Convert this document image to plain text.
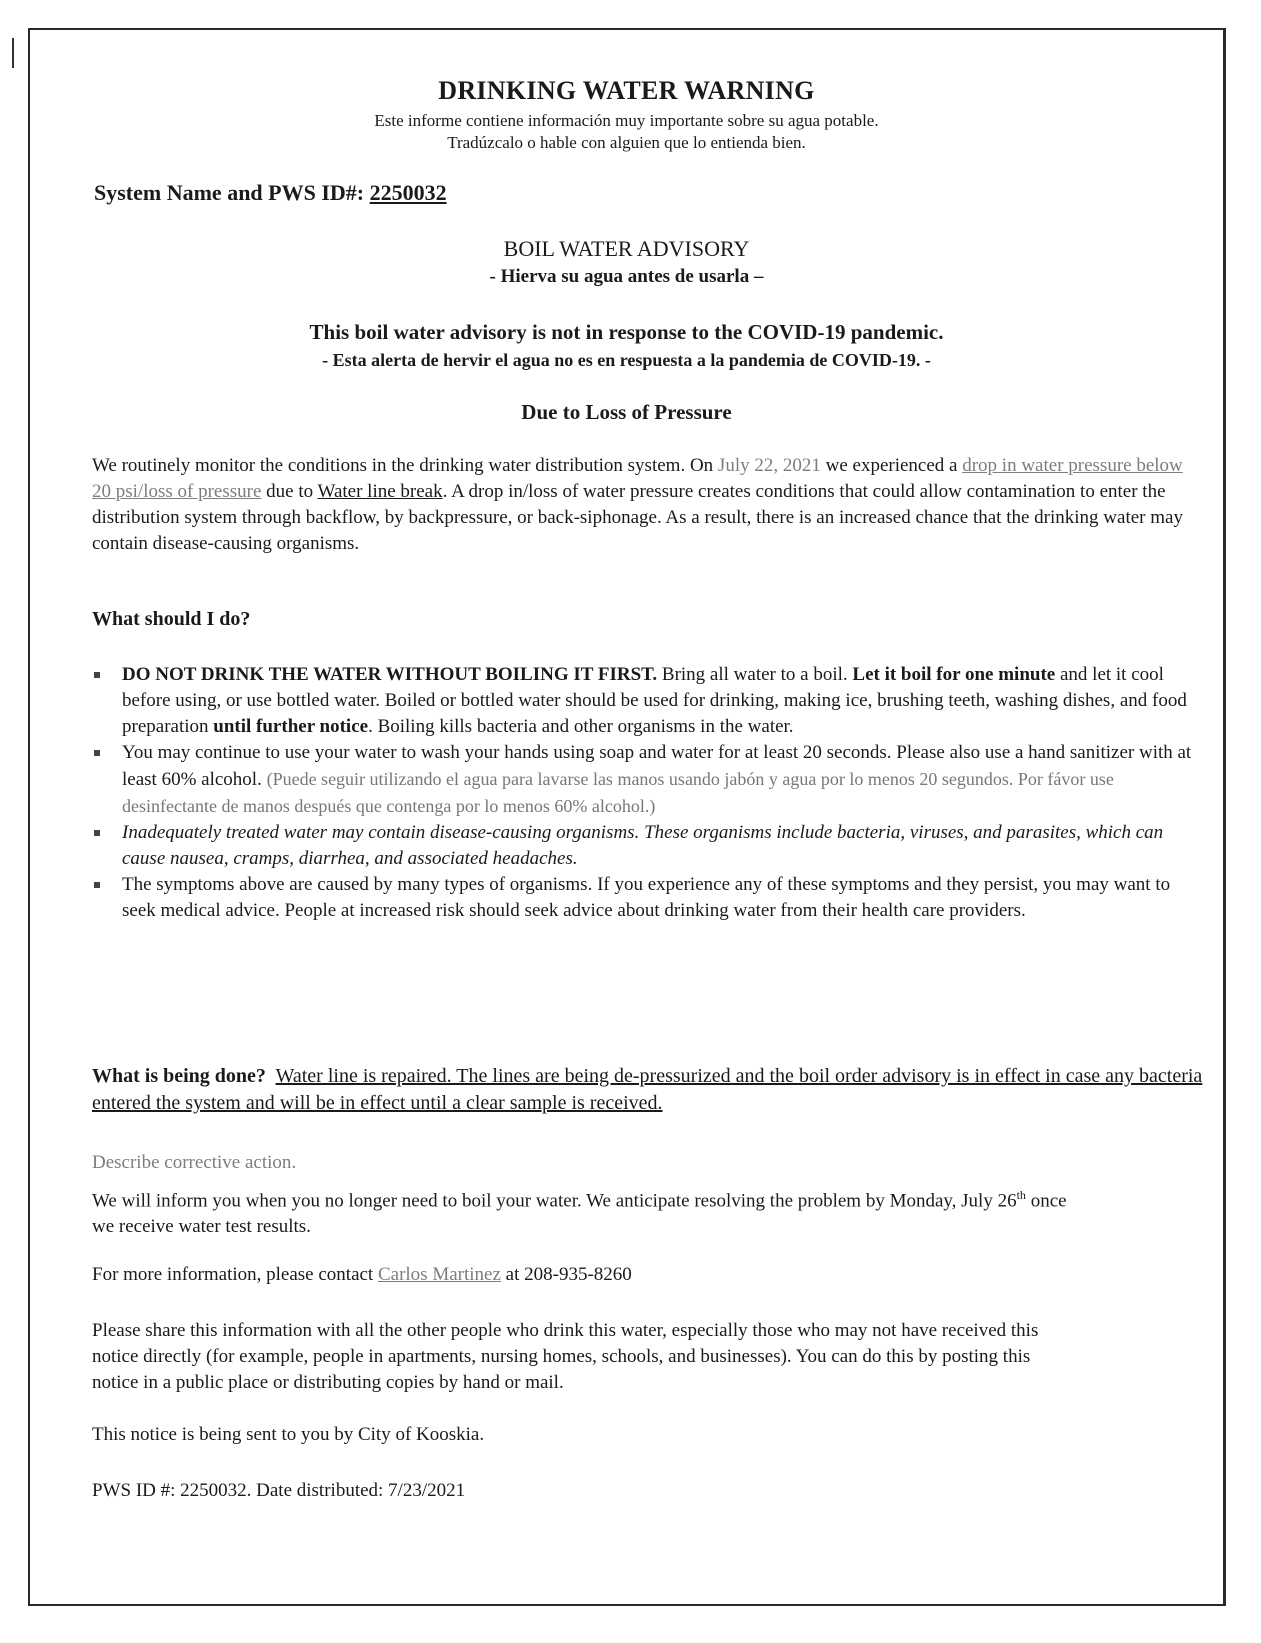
DRINKING WATER WARNING
Este informe contiene información muy importante sobre su agua potable.
Tradúzcalo o hable con alguien que lo entienda bien.
System Name and PWS ID#: 2250032
BOIL WATER ADVISORY
- Hierva su agua antes de usarla –
This boil water advisory is not in response to the COVID-19 pandemic.
- Esta alerta de hervir el agua no es en respuesta a la pandemia de COVID-19. -
Due to Loss of Pressure
We routinely monitor the conditions in the drinking water distribution system. On July 22, 2021 we experienced a drop in water pressure below 20 psi/loss of pressure due to Water line break. A drop in/loss of water pressure creates conditions that could allow contamination to enter the distribution system through backflow, by backpressure, or back-siphonage. As a result, there is an increased chance that the drinking water may contain disease-causing organisms.
What should I do?
DO NOT DRINK THE WATER WITHOUT BOILING IT FIRST. Bring all water to a boil. Let it boil for one minute and let it cool before using, or use bottled water. Boiled or bottled water should be used for drinking, making ice, brushing teeth, washing dishes, and food preparation until further notice. Boiling kills bacteria and other organisms in the water.
You may continue to use your water to wash your hands using soap and water for at least 20 seconds. Please also use a hand sanitizer with at least 60% alcohol. (Puede seguir utilizando el agua para lavarse las manos usando jabón y agua por lo menos 20 segundos. Por fávor use desinfectante de manos después que contenga por lo menos 60% alcohol.)
Inadequately treated water may contain disease-causing organisms. These organisms include bacteria, viruses, and parasites, which can cause nausea, cramps, diarrhea, and associated headaches.
The symptoms above are caused by many types of organisms. If you experience any of these symptoms and they persist, you may want to seek medical advice. People at increased risk should seek advice about drinking water from their health care providers.
What is being done? Water line is repaired. The lines are being de-pressurized and the boil order advisory is in effect in case any bacteria entered the system and will be in effect until a clear sample is received.
Describe corrective action.
We will inform you when you no longer need to boil your water. We anticipate resolving the problem by Monday, July 26th once we receive water test results.
For more information, please contact Carlos Martinez at 208-935-8260
Please share this information with all the other people who drink this water, especially those who may not have received this notice directly (for example, people in apartments, nursing homes, schools, and businesses). You can do this by posting this notice in a public place or distributing copies by hand or mail.
This notice is being sent to you by City of Kooskia.
PWS ID #: 2250032. Date distributed: 7/23/2021
